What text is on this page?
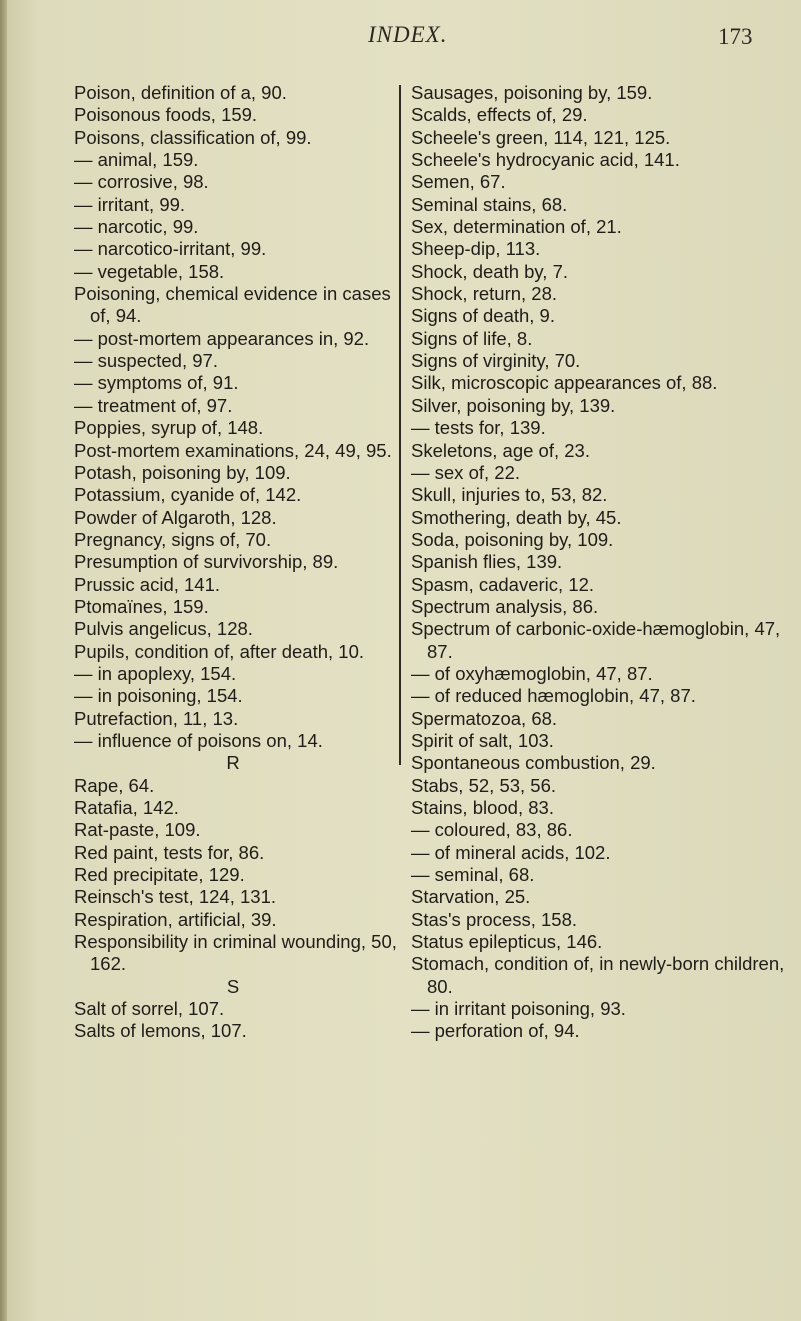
INDEX.	173
Poison, definition of a, 90.
Poisonous foods, 159.
Poisons, classification of, 99.
— animal, 159.
— corrosive, 98.
— irritant, 99.
— narcotic, 99.
— narcotico-irritant, 99.
— vegetable, 158.
Poisoning, chemical evidence in cases of, 94.
— post-mortem appearances in, 92.
— suspected, 97.
— symptoms of, 91.
— treatment of, 97.
Poppies, syrup of, 148.
Post-mortem examinations, 24, 49, 95.
Potash, poisoning by, 109.
Potassium, cyanide of, 142.
Powder of Algaroth, 128.
Pregnancy, signs of, 70.
Presumption of survivorship, 89.
Prussic acid, 141.
Ptomaïnes, 159.
Pulvis angelicus, 128.
Pupils, condition of, after death, 10.
— in apoplexy, 154.
— in poisoning, 154.
Putrefaction, 11, 13.
— influence of poisons on, 14.
R
Rape, 64.
Ratafia, 142.
Rat-paste, 109.
Red paint, tests for, 86.
Red precipitate, 129.
Reinsch's test, 124, 131.
Respiration, artificial, 39.
Responsibility in criminal wounding, 50, 162.
S
Salt of sorrel, 107.
Salts of lemons, 107.
Sausages, poisoning by, 159.
Scalds, effects of, 29.
Scheele's green, 114, 121, 125.
Scheele's hydrocyanic acid, 141.
Semen, 67.
Seminal stains, 68.
Sex, determination of, 21.
Sheep-dip, 113.
Shock, death by, 7.
Shock, return, 28.
Signs of death, 9.
Signs of life, 8.
Signs of virginity, 70.
Silk, microscopic appearances of, 88.
Silver, poisoning by, 139.
— tests for, 139.
Skeletons, age of, 23.
— sex of, 22.
Skull, injuries to, 53, 82.
Smothering, death by, 45.
Soda, poisoning by, 109.
Spanish flies, 139.
Spasm, cadaveric, 12.
Spectrum analysis, 86.
Spectrum of carbonic-oxide-hæmoglobin, 47, 87.
— of oxyhæmoglobin, 47, 87.
— of reduced hæmoglobin, 47, 87.
Spermatozoa, 68.
Spirit of salt, 103.
Spontaneous combustion, 29.
Stabs, 52, 53, 56.
Stains, blood, 83.
— coloured, 83, 86.
— of mineral acids, 102.
— seminal, 68.
Starvation, 25.
Stas's process, 158.
Status epilepticus, 146.
Stomach, condition of, in newly-born children, 80.
— in irritant poisoning, 93.
— perforation of, 94.
